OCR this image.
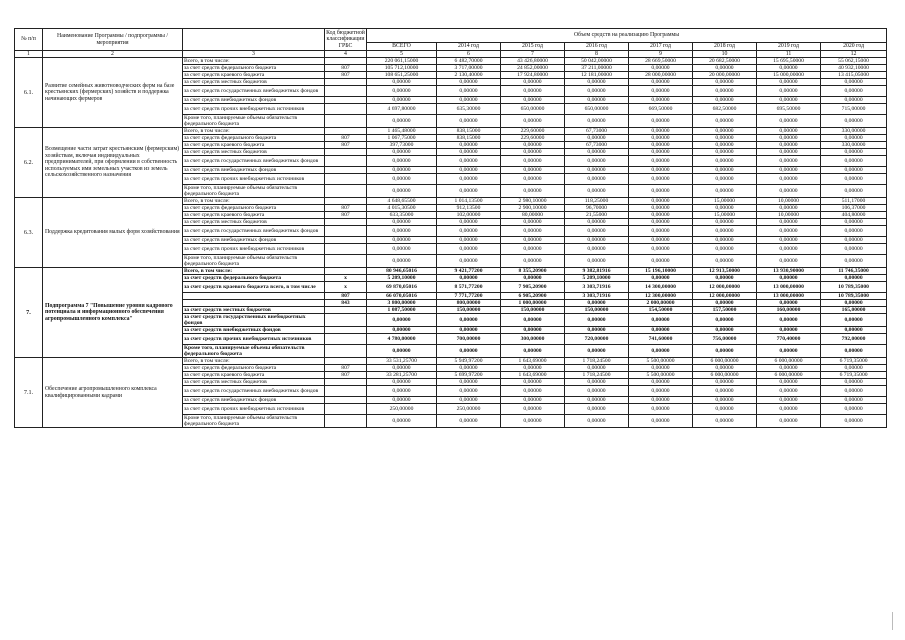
№ п/п	Наименование Программы / подпрограммы / мероприятия		Код бюджетной классификации ГРБС	Объем средств на реализацию Программы							
				ВСЕГО	2014 год	2015 год	2016 год	2017 год	2018 год	2019 год	2020 год
1	2	3	4	5	6	7	8	9	10	11	12
6.1.	Развитие семейных животноводческих ферм на базе крестьянских (фермерских) хозяйств и поддержка начинающих фермеров	Всего, в том числе:		220 061,15000	6 482,70000	43 426,80000	50 042,00000	28 669,50000	20 682,50000	15 695,50000	55 062,15000
		за счет средств федерального бюджета	807	105 712,10000	3 717,00000	24 852,00000	37 211,00000	0,00000	0,00000	0,00000	40 932,10000
		за счет средств краевого бюджета	807	108 651,25000	2 130,40000	17 924,80000	12 181,00000	28 000,00000	20 000,00000	15 000,00000	13 415,05000
		за счет средств местных бюджетов		0,00000	0,00000	0,00000	0,00000	0,00000	0,00000	0,00000	0,00000
		за счет средств государственных внебюджетных фондов		0,00000	0,00000	0,00000	0,00000	0,00000	0,00000	0,00000	0,00000
		за счет средств внебюджетных фондов		0,00000	0,00000	0,00000	0,00000	0,00000	0,00000	0,00000	0,00000
		за счет средств прочих внебюджетных источников		4 697,80000	635,30000	650,00000	650,00000	669,50000	682,50000	695,50000	715,00000
		Кроме того, планируемые объемы обязательств федерального бюджета		0,00000	0,00000	0,00000	0,00000	0,00000	0,00000	0,00000	0,00000
6.2.	Возмещение части затрат крестьянским (фермерским) хозяйствам, включая индивидуальных предпринимателей, при оформлении в собственность используемых ими земельных участков из земель сельскохозяйственного назначения	Всего, в том числе:		1 465,48000	838,15000	229,60000	67,73000	0,00000	0,00000	0,00000	330,00000
		за счет средств федерального бюджета	807	1 067,75000	838,15000	229,60000	0,00000	0,00000	0,00000	0,00000	0,00000
		за счет средств краевого бюджета	807	397,73000	0,00000	0,00000	67,73000	0,00000	0,00000	0,00000	330,00000
		за счет средств местных бюджетов		0,00000	0,00000	0,00000	0,00000	0,00000	0,00000	0,00000	0,00000
		за счет средств государственных внебюджетных фондов		0,00000	0,00000	0,00000	0,00000	0,00000	0,00000	0,00000	0,00000
		за счет средств внебюджетных фондов		0,00000	0,00000	0,00000	0,00000	0,00000	0,00000	0,00000	0,00000
		за счет средств прочих внебюджетных источников		0,00000	0,00000	0,00000	0,00000	0,00000	0,00000	0,00000	0,00000
		Кроме того, планируемые объемы обязательств федерального бюджета		0,00000	0,00000	0,00000	0,00000	0,00000	0,00000	0,00000	0,00000
6.3.	Поддержка кредитования малых форм хозяйствования	Всего, в том числе:		4 648,65500	1 014,13500	2 980,10000	118,25000	0,00000	15,00000	10,00000	511,17000
		за счет средств федерального бюджета	807	4 015,30500	912,13500	2 900,10000	96,70000	0,00000	0,00000	0,00000	106,37000
		за счет средств краевого бюджета	807	633,35000	102,00000	80,00000	21,55000	0,00000	15,00000	10,00000	404,80000
		за счет средств местных бюджетов		0,00000	0,00000	0,00000	0,00000	0,00000	0,00000	0,00000	0,00000
		за счет средств государственных внебюджетных фондов		0,00000	0,00000	0,00000	0,00000	0,00000	0,00000	0,00000	0,00000
		за счет средств внебюджетных фондов		0,00000	0,00000	0,00000	0,00000	0,00000	0,00000	0,00000	0,00000
		за счет средств прочих внебюджетных источников		0,00000	0,00000	0,00000	0,00000	0,00000	0,00000	0,00000	0,00000
		Кроме того, планируемые объемы обязательств федерального бюджета		0,00000	0,00000	0,00000	0,00000	0,00000	0,00000	0,00000	0,00000
7.	Подпрограмма 7 "Повышение уровня кадрового потенциала и информационного обеспечения агропромышленного комплекса"	Всего, в том числе:		80 946,65016	9 421,77200	8 355,20900	9 382,81916	15 196,10000	12 913,50000	13 930,90000	11 746,35000
		за счет средств федерального бюджета	x	5 209,10000	0,00000	0,00000	5 209,10000	0,00000	0,00000	0,00000	0,00000
		за счет средств краевого бюджета всего, в том числе	x	69 870,05016	8 571,77200	7 905,20900	3 303,71916	14 300,00000	12 000,00000	13 000,00000	10 789,35000
			807	66 070,05016	7 771,77200	6 905,20900	3 303,71916	12 300,00000	12 000,00000	13 000,00000	10 789,35000
			843	3 800,00000	800,00000	1 000,00000	0,00000	2 000,00000	0,00000	0,00000	0,00000
		за счет средств местных бюджетов		1 087,50000	150,00000	150,00000	150,00000	154,50000	157,50000	160,00000	165,00000
		за счет средств государственных внебюджетных фондов		0,00000	0,00000	0,00000	0,00000	0,00000	0,00000	0,00000	0,00000
		за счет средств внебюджетных фондов		0,00000	0,00000	0,00000	0,00000	0,00000	0,00000	0,00000	0,00000
		за счет средств прочих внебюджетных источников		4 780,00000	700,00000	300,00000	720,00000	741,60000	756,00000	770,40000	792,00000
		Кроме того, планируемые объемы обязательств федерального бюджета		0,00000	0,00000	0,00000	0,00000	0,00000	0,00000	0,00000	0,00000
7.1.	Обеспечение агропромышленного комплекса квалифицированными кадрами	Всего, в том числе:		33 531,25700	5 949,97200	1 643,69000	1 718,24500	5 500,00000	6 000,00000	6 000,00000	6 719,35000
		за счет средств федерального бюджета	807	0,00000	0,00000	0,00000	0,00000	0,00000	0,00000	0,00000	0,00000
		за счет средств краевого бюджета	807	33 281,25700	5 699,97200	1 643,69000	1 718,24500	5 500,00000	6 000,00000	6 000,00000	6 719,35000
		за счет средств местных бюджетов		0,00000	0,00000	0,00000	0,00000	0,00000	0,00000	0,00000	0,00000
		за счет средств государственных внебюджетных фондов		0,00000	0,00000	0,00000	0,00000	0,00000	0,00000	0,00000	0,00000
		за счет средств внебюджетных фондов		0,00000	0,00000	0,00000	0,00000	0,00000	0,00000	0,00000	0,00000
		за счет средств прочих внебюджетных источников		250,00000	250,00000	0,00000	0,00000	0,00000	0,00000	0,00000	0,00000
		Кроме того, планируемые объемы обязательств федерального бюджета		0,00000	0,00000	0,00000	0,00000	0,00000	0,00000	0,00000	0,00000
